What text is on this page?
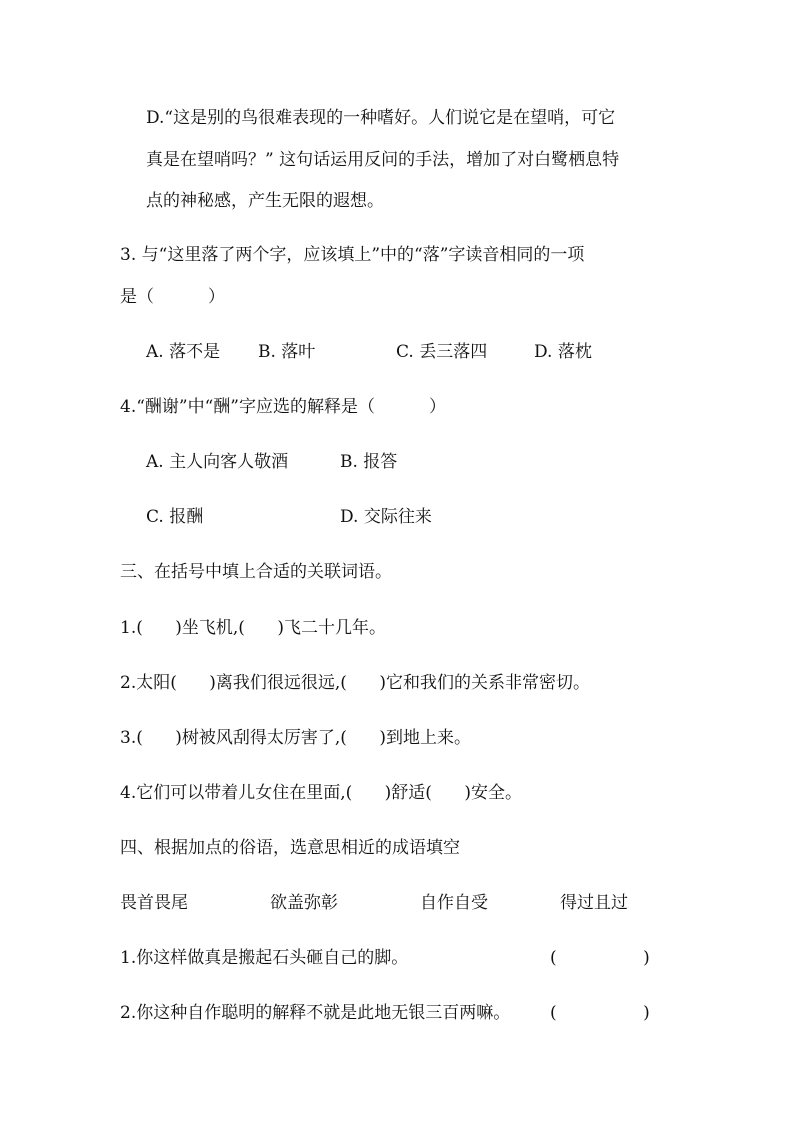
D.“这是别的鸟很难表现的一种嗜好。人们说它是在望哨，可它
真是在望哨吗？” 这句话运用反问的手法，增加了对白鹭栖息特
点的神秘感，产生无限的遐想。
3. 与“这里落了两个字，应该填上”中的“落”字读音相同的一项
是（          ）
A. 落不是 B. 落叶	C. 丢三落四	D. 落枕
4.“酬谢”中“酬”字应选的解释是（          ）
A. 主人向客人敬酒	B. 报答
C. 报酬	D. 交际往来
三、在括号中填上合适的关联词语。
1.(      )坐飞机,(      )飞二十几年。
2.太阳(      )离我们很远很远,(      )它和我们的关系非常密切。
3.(      )树被风刮得太厉害了,(      )到地上来。
4.它们可以带着儿女住在里面,(      )舒适(      )安全。
四、根据加点的俗语，选意思相近的成语填空
畏首畏尾	欲盖弥彰	自作自受	得过且过
1.你这样做真是搬起石头砸自己的脚。	(                )
2.你这种自作聪明的解释不就是此地无银三百两嘛。 (                )
